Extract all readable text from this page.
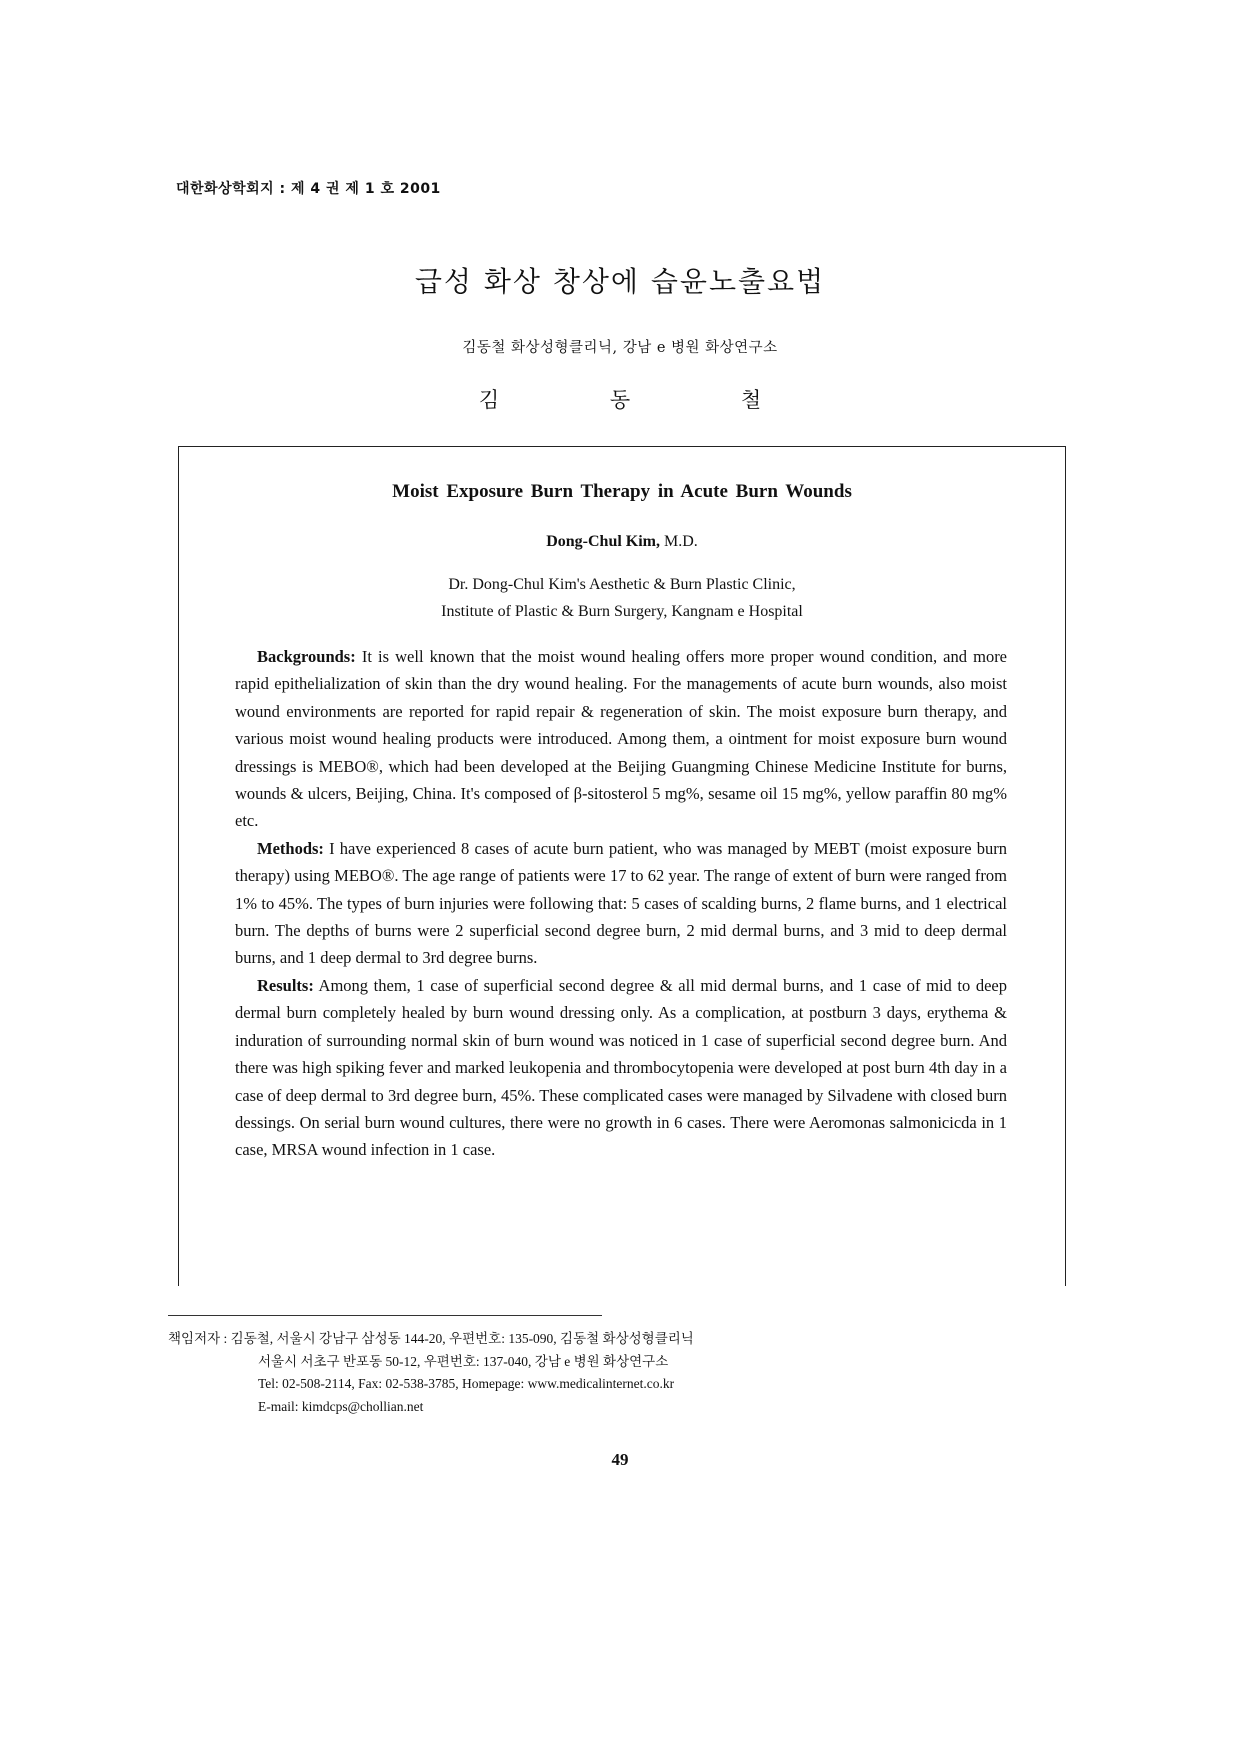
대한화상학회지 : 제 4 권 제 1 호 2001
급성 화상 창상에 습윤노출요법
김동철 화상성형클리닉, 강남 e 병원 화상연구소
김 동 철
Moist Exposure Burn Therapy in Acute Burn Wounds
Dong-Chul Kim, M.D.
Dr. Dong-Chul Kim's Aesthetic & Burn Plastic Clinic,
Institute of Plastic & Burn Surgery, Kangnam e Hospital

Backgrounds: It is well known that the moist wound healing offers more proper wound condition, and more rapid epithelialization of skin than the dry wound healing. For the managements of acute burn wounds, also moist wound environments are reported for rapid repair & regeneration of skin. The moist exposure burn therapy, and various moist wound healing products were introduced. Among them, a ointment for moist exposure burn wound dressings is MEBO®, which had been developed at the Beijing Guangming Chinese Medicine Institute for burns, wounds & ulcers, Beijing, China. It's composed of β-sitosterol 5 mg%, sesame oil 15 mg%, yellow paraffin 80 mg% etc.

Methods: I have experienced 8 cases of acute burn patient, who was managed by MEBT (moist exposure burn therapy) using MEBO®. The age range of patients were 17 to 62 year. The range of extent of burn were ranged from 1% to 45%. The types of burn injuries were following that: 5 cases of scalding burns, 2 flame burns, and 1 electrical burn. The depths of burns were 2 superficial second degree burn, 2 mid dermal burns, and 3 mid to deep dermal burns, and 1 deep dermal to 3rd degree burns.

Results: Among them, 1 case of superficial second degree & all mid dermal burns, and 1 case of mid to deep dermal burn completely healed by burn wound dressing only. As a complication, at postburn 3 days, erythema & induration of surrounding normal skin of burn wound was noticed in 1 case of superficial second degree burn. And there was high spiking fever and marked leukopenia and thrombocytopenia were developed at post burn 4th day in a case of deep dermal to 3rd degree burn, 45%. These complicated cases were managed by Silvadene with closed burn dessings. On serial burn wound cultures, there were no growth in 6 cases. There were Aeromonas salmonicicda in 1 case, MRSA wound infection in 1 case.

책임저자 : 김동철, 서울시 강남구 삼성동 144-20, 우편번호: 135-090, 김동철 화상성형클리닉
서울시 서초구 반포동 50-12, 우편번호: 137-040, 강남 e 병원 화상연구소
Tel: 02-508-2114, Fax: 02-538-3785, Homepage: www.medicalinternet.co.kr
E-mail: kimdcps@chollian.net
49
